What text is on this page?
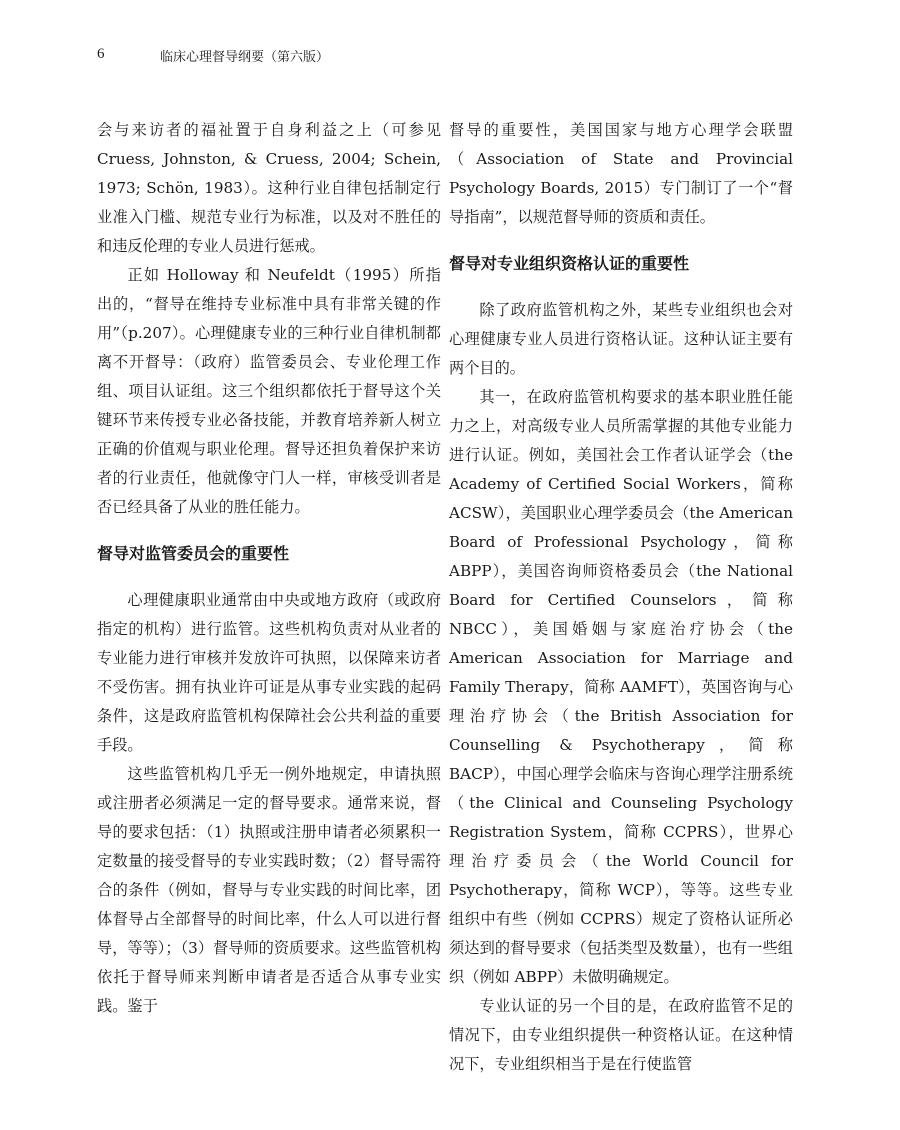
6	临床心理督导纲要（第六版）

会与来访者的福祉置于自身利益之上（可参见 Cruess, Johnston, & Cruess, 2004; Schein, 1973; Schön, 1983）。这种行业自律包括制定行业准入门槛、规范专业行为标准，以及对不胜任的和违反伦理的专业人员进行惩戒。

正如 Holloway 和 Neufeldt（1995）所指出的，“督导在维持专业标准中具有非常关键的作用”（p.207）。心理健康专业的三种行业自律机制都离不开督导：（政府）监管委员会、专业伦理工作组、项目认证组。这三个组织都依托于督导这个关键环节来传授专业必备技能，并教育培养新人树立正确的价值观与职业伦理。督导还担负着保护来访者的行业责任，他就像守门人一样，审核受训者是否已经具备了从业的胜任能力。

督导对监管委员会的重要性

心理健康职业通常由中央或地方政府（或政府指定的机构）进行监管。这些机构负责对从业者的专业能力进行审核并发放许可执照，以保障来访者不受伤害。拥有执业许可证是从事专业实践的起码条件，这是政府监管机构保障社会公共利益的重要手段。

这些监管机构几乎无一例外地规定，申请执照或注册者必须满足一定的督导要求。通常来说，督导的要求包括：（1）执照或注册申请者必须累积一定数量的接受督导的专业实践时数；（2）督导需符合的条件（例如，督导与专业实践的时间比率，团体督导占全部督导的时间比率，什么人可以进行督导，等等）；（3）督导师的资质要求。这些监管机构依托于督导师来判断申请者是否适合从事专业实践。鉴于

督导的重要性，美国国家与地方心理学会联盟（Association of State and Provincial Psychology Boards, 2015）专门制订了一个“督导指南”，以规范督导师的资质和责任。

督导对专业组织资格认证的重要性

除了政府监管机构之外，某些专业组织也会对心理健康专业人员进行资格认证。这种认证主要有两个目的。

其一，在政府监管机构要求的基本职业胜任能力之上，对高级专业人员所需掌握的其他专业能力进行认证。例如，美国社会工作者认证学会（the Academy of Certified Social Workers，简称 ACSW），美国职业心理学委员会（the American Board of Professional Psychology，简称 ABPP），美国咨询师资格委员会（the National Board for Certified Counselors，简称 NBCC），美国婚姻与家庭治疗协会（the American Association for Marriage and Family Therapy，简称 AAMFT），英国咨询与心理治疗协会（the British Association for Counselling & Psychotherapy，简称 BACP），中国心理学会临床与咨询心理学注册系统（the Clinical and Counseling Psychology Registration System，简称 CCPRS），世界心理治疗委员会（the World Council for Psychotherapy，简称 WCP），等等。这些专业组织中有些（例如 CCPRS）规定了资格认证所必须达到的督导要求（包括类型及数量），也有一些组织（例如 ABPP）未做明确规定。

专业认证的另一个目的是，在政府监管不足的情况下，由专业组织提供一种资格认证。在这种情况下，专业组织相当于是在行使监管
